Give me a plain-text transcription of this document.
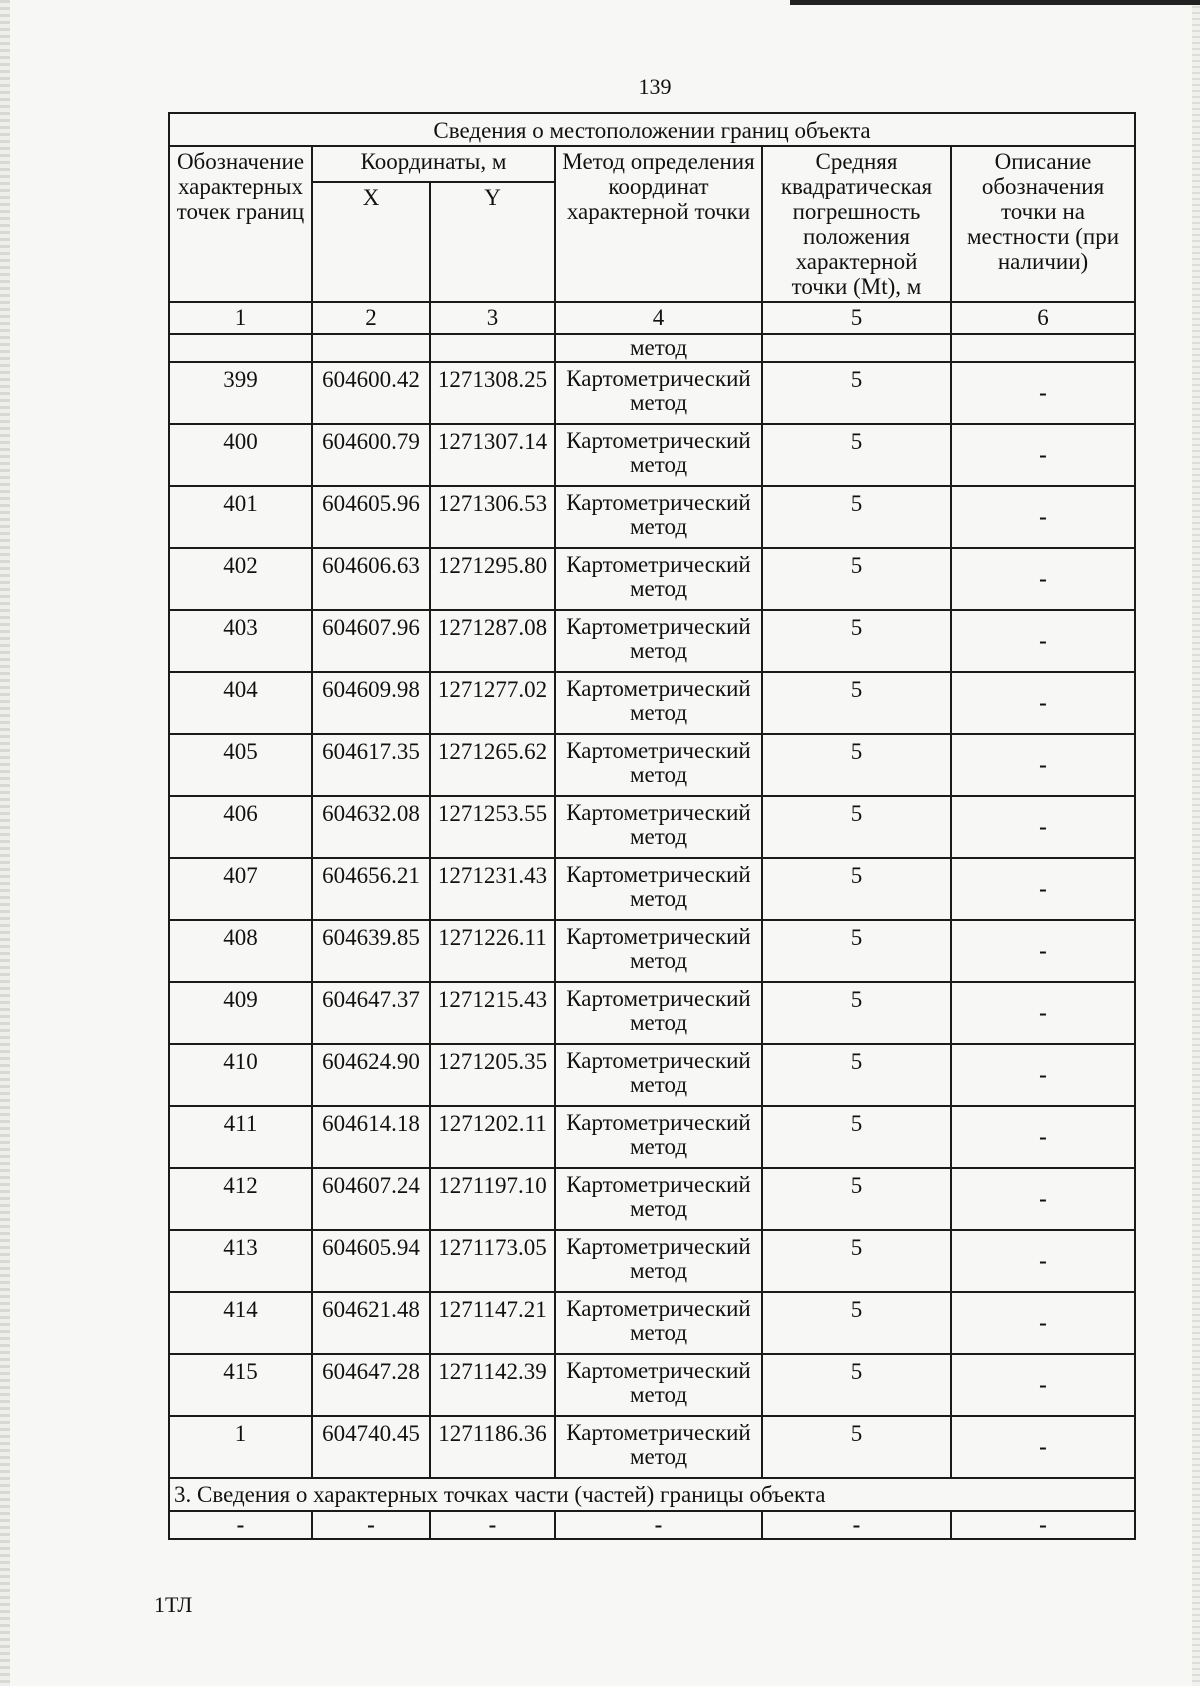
139
Сведения о местоположении границ объекта					
Обозначение характерных точек границ	Координаты, м		Метод определения координат характерной точки	Средняя квадратическая погрешность положения характерной точки (Mt), м	Описание обозначения точки на местности (при наличии)
	X	Y			
1	2	3	4	5	6
			метод		
399	604600.42	1271308.25	Картометрический метод	5	-
400	604600.79	1271307.14	Картометрический метод	5	-
401	604605.96	1271306.53	Картометрический метод	5	-
402	604606.63	1271295.80	Картометрический метод	5	-
403	604607.96	1271287.08	Картометрический метод	5	-
404	604609.98	1271277.02	Картометрический метод	5	-
405	604617.35	1271265.62	Картометрический метод	5	-
406	604632.08	1271253.55	Картометрический метод	5	-
407	604656.21	1271231.43	Картометрический метод	5	-
408	604639.85	1271226.11	Картометрический метод	5	-
409	604647.37	1271215.43	Картометрический метод	5	-
410	604624.90	1271205.35	Картометрический метод	5	-
411	604614.18	1271202.11	Картометрический метод	5	-
412	604607.24	1271197.10	Картометрический метод	5	-
413	604605.94	1271173.05	Картометрический метод	5	-
414	604621.48	1271147.21	Картометрический метод	5	-
415	604647.28	1271142.39	Картометрический метод	5	-
1	604740.45	1271186.36	Картометрический метод	5	-
3. Сведения о характерных точках части (частей) границы объекта					
-	-	-	-	-	-
1ТЛ
